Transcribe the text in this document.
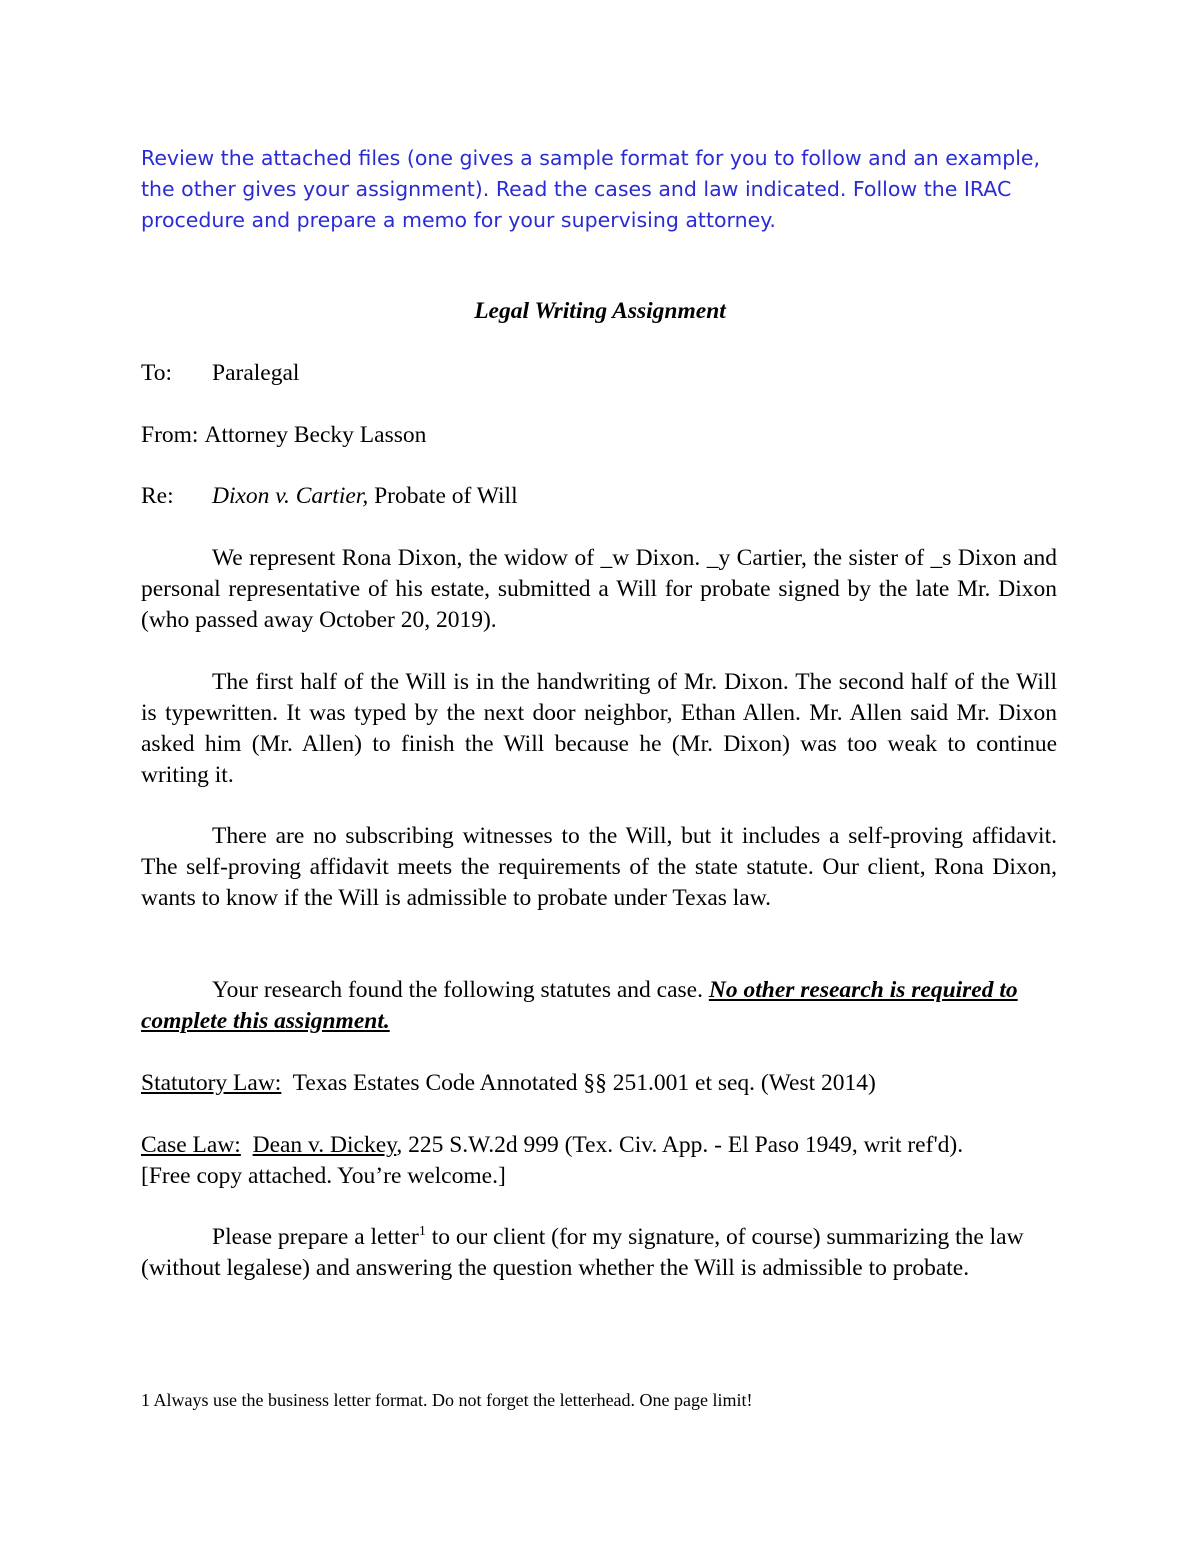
Review the attached files (one gives a sample format for you to follow and an example, the other gives your assignment). Read the cases and law indicated. Follow the IRAC procedure and prepare a memo for your supervising attorney.
Legal Writing Assignment
To: Paralegal
From: Attorney Becky Lasson
Re: Dixon v. Cartier, Probate of Will
We represent Rona Dixon, the widow of _w Dixon. _y Cartier, the sister of _s Dixon and personal representative of his estate, submitted a Will for probate signed by the late Mr. Dixon (who passed away October 20, 2019).
The first half of the Will is in the handwriting of Mr. Dixon. The second half of the Will is typewritten. It was typed by the next door neighbor, Ethan Allen. Mr. Allen said Mr. Dixon asked him (Mr. Allen) to finish the Will because he (Mr. Dixon) was too weak to continue writing it.
There are no subscribing witnesses to the Will, but it includes a self-proving affidavit. The self-proving affidavit meets the requirements of the state statute. Our client, Rona Dixon, wants to know if the Will is admissible to probate under Texas law.
Your research found the following statutes and case. No other research is required to complete this assignment.
Statutory Law:  Texas Estates Code Annotated §§ 251.001 et seq. (West 2014)
Case Law: Dean v. Dickey, 225 S.W.2d 999 (Tex. Civ. App. - El Paso 1949, writ ref'd).
[Free copy attached. You’re welcome.]
Please prepare a letter$^1$ to our client (for my signature, of course) summarizing the law (without legalese) and answering the question whether the Will is admissible to probate.
1 Always use the business letter format. Do not forget the letterhead. One page limit!
